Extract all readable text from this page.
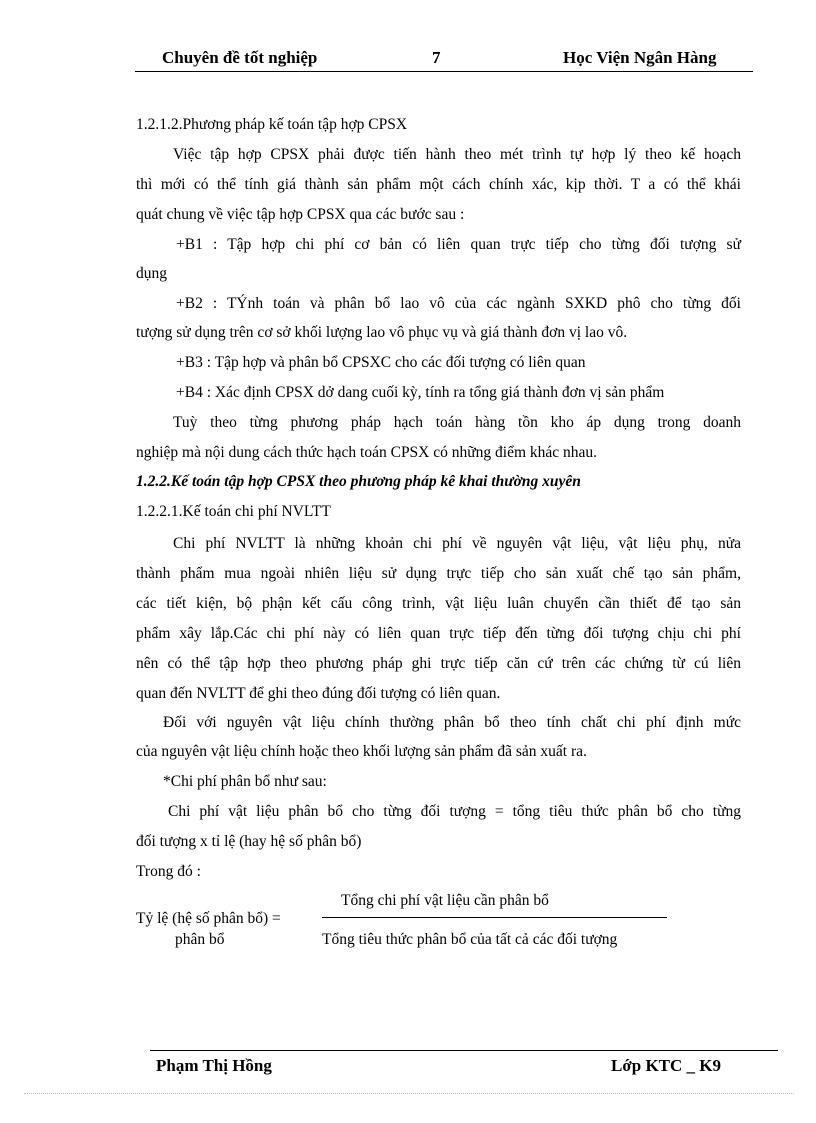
Chuyên đề tốt nghiệp	7	Học Viện Ngân Hàng
1.2.1.2.Phương pháp kế toán tập hợp CPSX
Việc tập hợp CPSX phải được tiến hành theo mét trình tự hợp lý theo kế hoạch
thì mới có thể tính giá thành sản phẩm một cách chính xác, kịp thời. T a có thể khái
quát chung về việc tập hợp CPSX qua các bước sau :
+B1 : Tập hợp chi phí cơ bản có liên quan trực tiếp cho từng đối tượng sử
dụng
+B2 : TÝnh toán và phân bổ lao vô của các ngành SXKD phô cho từng đối
tượng sử dụng trên cơ sở khối lượng lao vô phục vụ và giá thành đơn vị lao vô.
+B3 : Tập hợp và phân bổ CPSXC cho các đối tượng có liên quan
+B4 : Xác định CPSX dở dang cuối kỳ, tính ra tổng giá thành đơn vị sản phẩm
Tuỳ theo từng phương pháp hạch toán hàng tồn kho áp dụng trong doanh
nghiệp mà nội dung cách thức hạch toán CPSX có những điểm khác nhau.
1.2.2.Kế toán tập hợp CPSX theo phương pháp kê khai thường xuyên
1.2.2.1.Kế toán chi phí NVLTT
Chi phí NVLTT là những khoản chi phí về nguyên vật liệu, vật liệu phụ, nửa
thành phẩm mua ngoài nhiên liệu sử dụng trực tiếp cho sản xuất chế tạo sản phẩm,
các tiết kiện, bộ phận kết cấu công trình, vật liệu luân chuyển cần thiết để tạo sản
phẩm xây lắp.Các chi phí này có liên quan trực tiếp đến từng đối tượng chịu chi phí
nên có thể tập hợp theo phương pháp ghi trực tiếp căn cứ trên các chứng từ cú liên
quan đến NVLTT để ghi theo đúng đối tượng có liên quan.
Đối với nguyên vật liệu chính thường phân bổ theo tính chất chi phí định mức
của nguyên vật liệu chính hoặc theo khối lượng sản phẩm đã sản xuất ra.
*Chi phí phân bổ như sau:
Chi phí vật liệu phân bổ cho từng đối tượng = tổng tiêu thức phân bổ cho từng
đối tượng x tỉ lệ (hay hệ số phân bổ)
Trong đó :
Tổng chi phí vật liệu cần phân bổ
Tỷ lệ (hệ số phân bổ) =
phân bổ	Tổng tiêu thức phân bổ của tất cả các đối tượng
Phạm Thị Hồng	Lớp KTC _ K9
